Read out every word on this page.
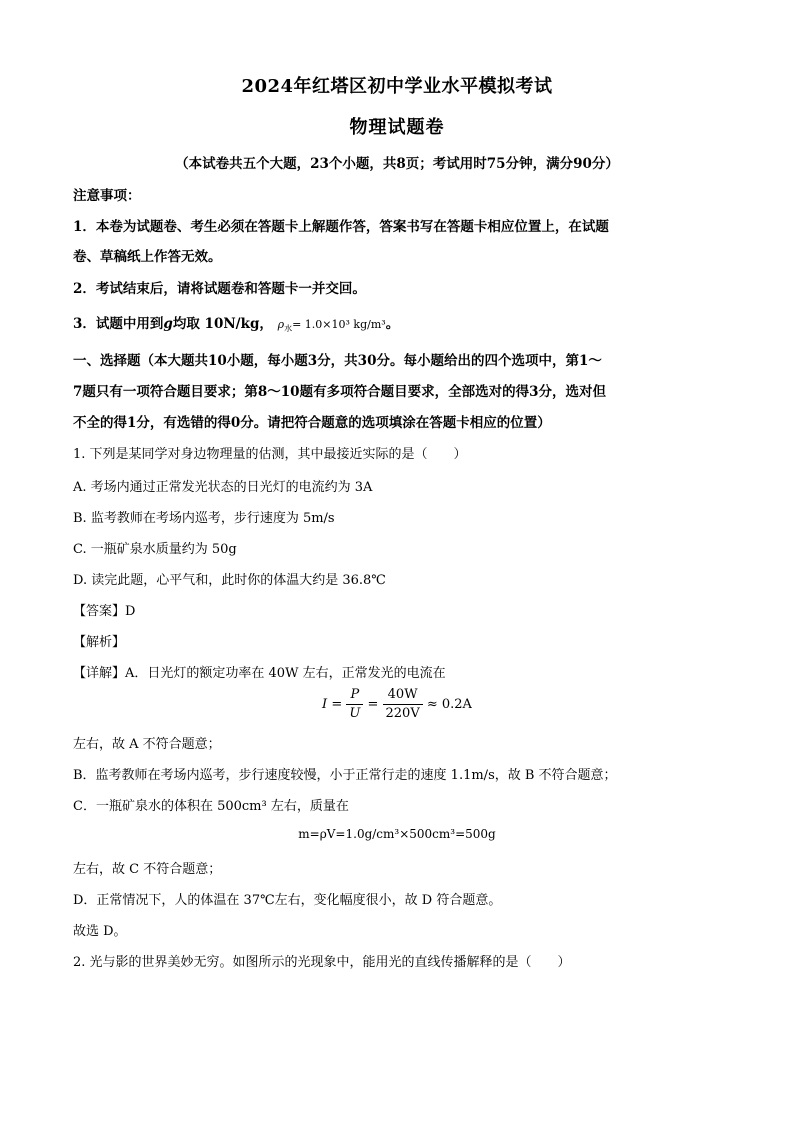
2024年红塔区初中学业水平模拟考试
物理试题卷
（本试卷共五个大题，23个小题，共8页；考试用时75分钟，满分90分）
注意事项：
1．本卷为试题卷、考生必须在答题卡上解题作答，答案书写在答题卡相应位置上，在试题
卷、草稿纸上作答无效。
2．考试结束后，请将试题卷和答题卡一并交回。
3．试题中用到g均取 10N/kg， $\rho_水= 1.0\times 10^3$ kg/m³。
一、选择题（本大题共10小题，每小题3分，共30分。每小题给出的四个选项中，第1～
7题只有一项符合题目要求；第8～10题有多项符合题目要求，全部选对的得3分，选对但
不全的得1分，有选错的得0分。请把符合题意的选项填涂在答题卡相应的位置）
1. 下列是某同学对身边物理量的估测，其中最接近实际的是（　　）
A. 考场内通过正常发光状态的日光灯的电流约为 3A
B. 监考教师在考场内巡考，步行速度为 5m/s
C. 一瓶矿泉水质量约为 50g
D. 读完此题，心平气和，此时你的体温大约是 36.8℃
【答案】D
【解析】
【详解】A．日光灯的额定功率在 40W 左右，正常发光的电流在
$I = \frac{P}{U} = \frac{40W}{220V} \approx 0.2A$
左右，故 A 不符合题意；
B．监考教师在考场内巡考，步行速度较慢，小于正常行走的速度 1.1m/s，故 B 不符合题意；
C．一瓶矿泉水的体积在 500cm³ 左右，质量在
m=ρV=1.0g/cm³×500cm³=500g
左右，故 C 不符合题意；
D．正常情况下，人的体温在 37℃左右，变化幅度很小，故 D 符合题意。
故选 D。
2. 光与影的世界美妙无穷。如图所示的光现象中，能用光的直线传播解释的是（　　）
